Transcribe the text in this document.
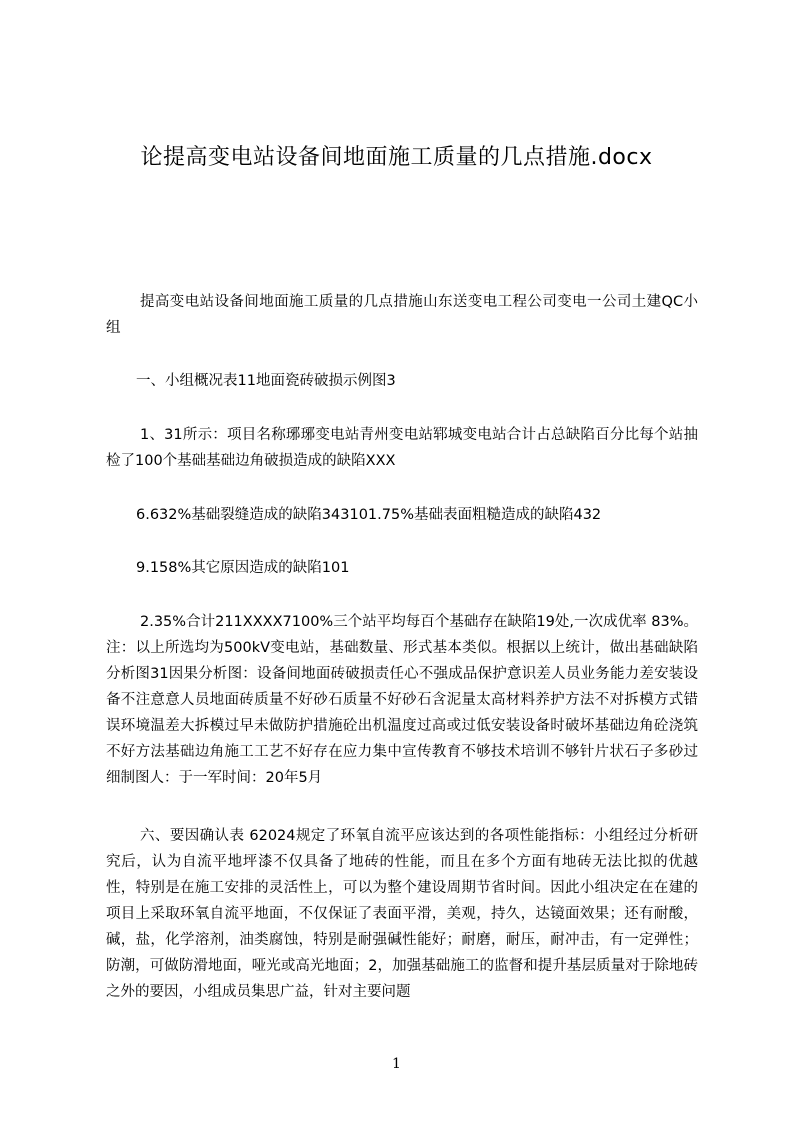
论提高变电站设备间地面施工质量的几点措施.docx

提高变电站设备间地面施工质量的几点措施山东送变电工程公司变电一公司土建QC小组

一、小组概况表11地面瓷砖破损示例图3

1、31所示：项目名称琊琊变电站青州变电站郓城变电站合计占总缺陷百分比每个站抽检了100个基础基础边角破损造成的缺陷XXX

6.632%基础裂缝造成的缺陷343101.75%基础表面粗糙造成的缺陷432

9.158%其它原因造成的缺陷101

2.35%合计211XXXX7100%三个站平均每百个基础存在缺陷19处,一次成优率 83%。注：以上所选均为500kV变电站，基础数量、形式基本类似。根据以上统计，做出基础缺陷分析图31因果分析图：设备间地面砖破损责任心不强成品保护意识差人员业务能力差安装设备不注意意人员地面砖质量不好砂石质量不好砂石含泥量太高材料养护方法不对拆模方式错误环境温差大拆模过早未做防护措施砼出机温度过高或过低安装设备时破坏基础边角砼浇筑不好方法基础边角施工工艺不好存在应力集中宣传教育不够技术培训不够针片状石子多砂过细制图人：于一军时间：20年5月

六、要因确认表 62024规定了环氧自流平应该达到的各项性能指标：小组经过分析研究后，认为自流平地坪漆不仅具备了地砖的性能，而且在多个方面有地砖无法比拟的优越性，特别是在施工安排的灵活性上，可以为整个建设周期节省时间。因此小组决定在在建的项目上采取环氧自流平地面，不仅保证了表面平滑，美观，持久，达镜面效果；还有耐酸，碱，盐，化学溶剂，油类腐蚀，特别是耐强碱性能好；耐磨，耐压，耐冲击，有一定弹性；防潮，可做防滑地面，哑光或高光地面；2，加强基础施工的监督和提升基层质量对于除地砖之外的要因，小组成员集思广益，针对主要问题

1
